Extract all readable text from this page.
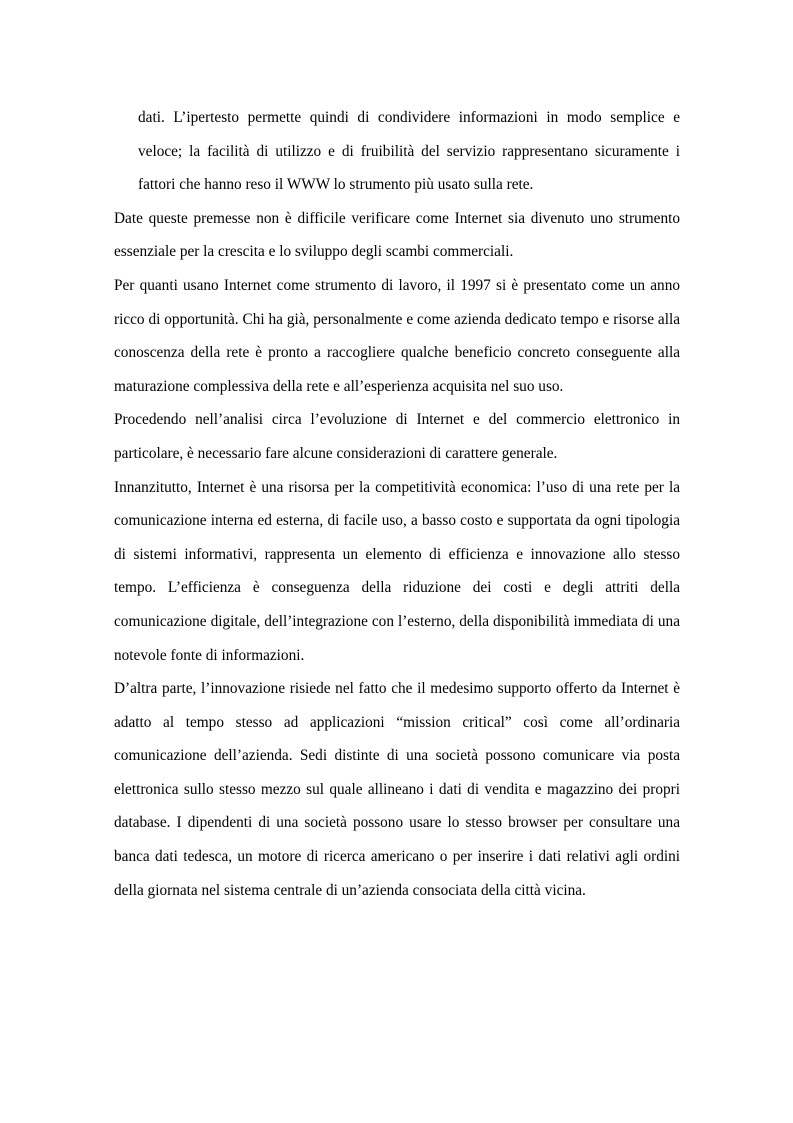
dati. L’ipertesto permette quindi di condividere informazioni in modo semplice e veloce; la facilità di utilizzo e di fruibilità del servizio rappresentano sicuramente i fattori che hanno reso il WWW lo strumento più usato sulla rete.

Date queste premesse non è difficile verificare come Internet sia divenuto uno strumento essenziale per la crescita e lo sviluppo degli scambi commerciali.

Per quanti usano Internet come strumento di lavoro, il 1997 si è presentato come un anno ricco di opportunità. Chi ha già, personalmente e come azienda dedicato tempo e risorse alla conoscenza della rete è pronto a raccogliere qualche beneficio concreto conseguente alla maturazione complessiva della rete e all’esperienza acquisita nel suo uso.

Procedendo nell’analisi circa l’evoluzione di Internet e del commercio elettronico in particolare, è necessario fare alcune considerazioni di carattere generale.

Innanzitutto, Internet è una risorsa per la competitività economica: l’uso di una rete per la comunicazione interna ed esterna, di facile uso, a basso costo e supportata da ogni tipologia di sistemi informativi, rappresenta un elemento di efficienza e innovazione allo stesso tempo. L’efficienza è conseguenza della riduzione dei costi e degli attriti della comunicazione digitale, dell’integrazione con l’esterno, della disponibilità immediata di una notevole fonte di informazioni.

D’altra parte, l’innovazione risiede nel fatto che il medesimo supporto offerto da Internet è adatto al tempo stesso ad applicazioni “mission critical” così come all’ordinaria comunicazione dell’azienda. Sedi distinte di una società possono comunicare via posta elettronica sullo stesso mezzo sul quale allineano i dati di vendita e magazzino dei propri database. I dipendenti di una società possono usare lo stesso browser per consultare una banca dati tedesca, un motore di ricerca americano o per inserire i dati relativi agli ordini della giornata nel sistema centrale di un’azienda consociata della città vicina.
